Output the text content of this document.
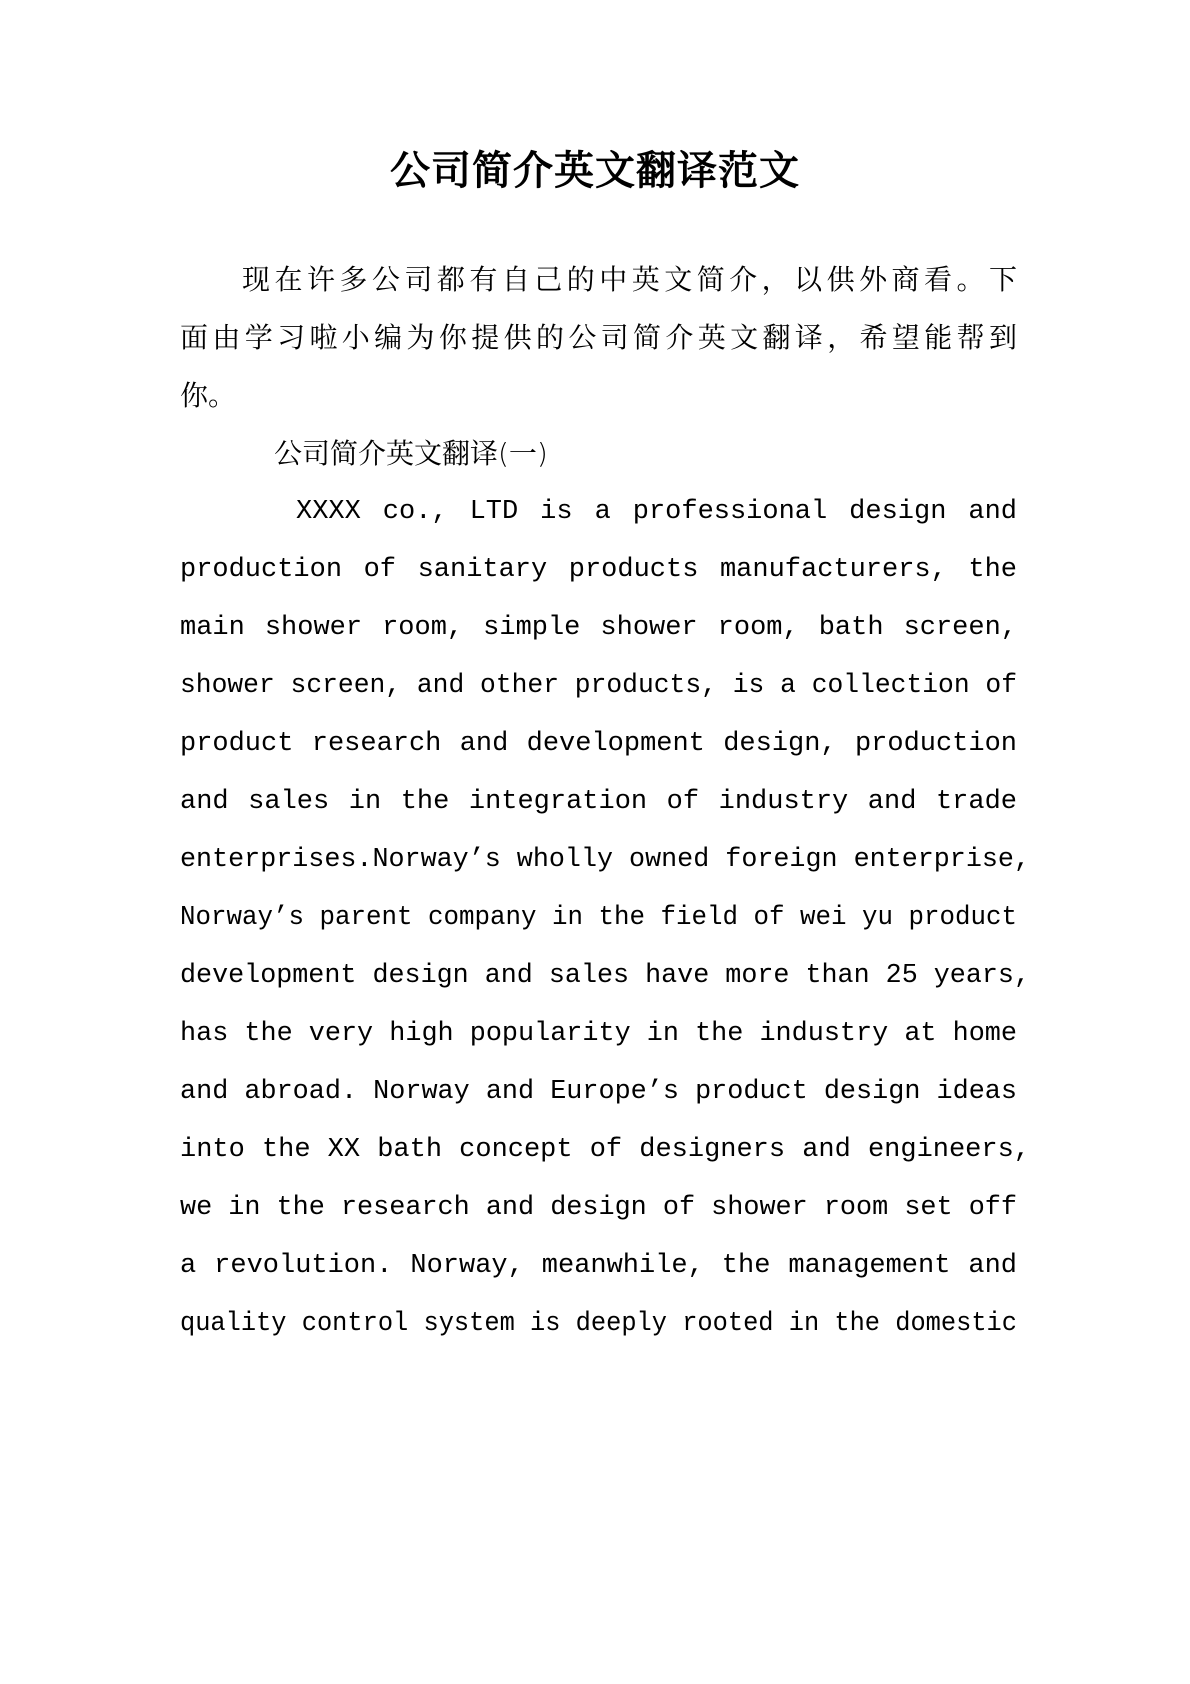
公司简介英文翻译范文
现在许多公司都有自己的中英文简介，以供外商看。下
面由学习啦小编为你提供的公司简介英文翻译，希望能帮到
你。
公司简介英文翻译(一)
XXXX co., LTD is a professional design and
production of sanitary products manufacturers, the
main shower room, simple shower room, bath screen,
shower screen, and other products, is a collection of
product research and development design, production
and sales in the integration of industry and trade
enterprises.Norway’s wholly owned foreign enterprise,
Norway’s parent company in the field of wei yu product
development design and sales have more than 25 years,
has the very high popularity in the industry at home
and abroad. Norway and Europe’s product design ideas
into the XX bath concept of designers and engineers,
we in the research and design of shower room set off
a revolution. Norway, meanwhile, the management and
quality control system is deeply rooted in the domestic
